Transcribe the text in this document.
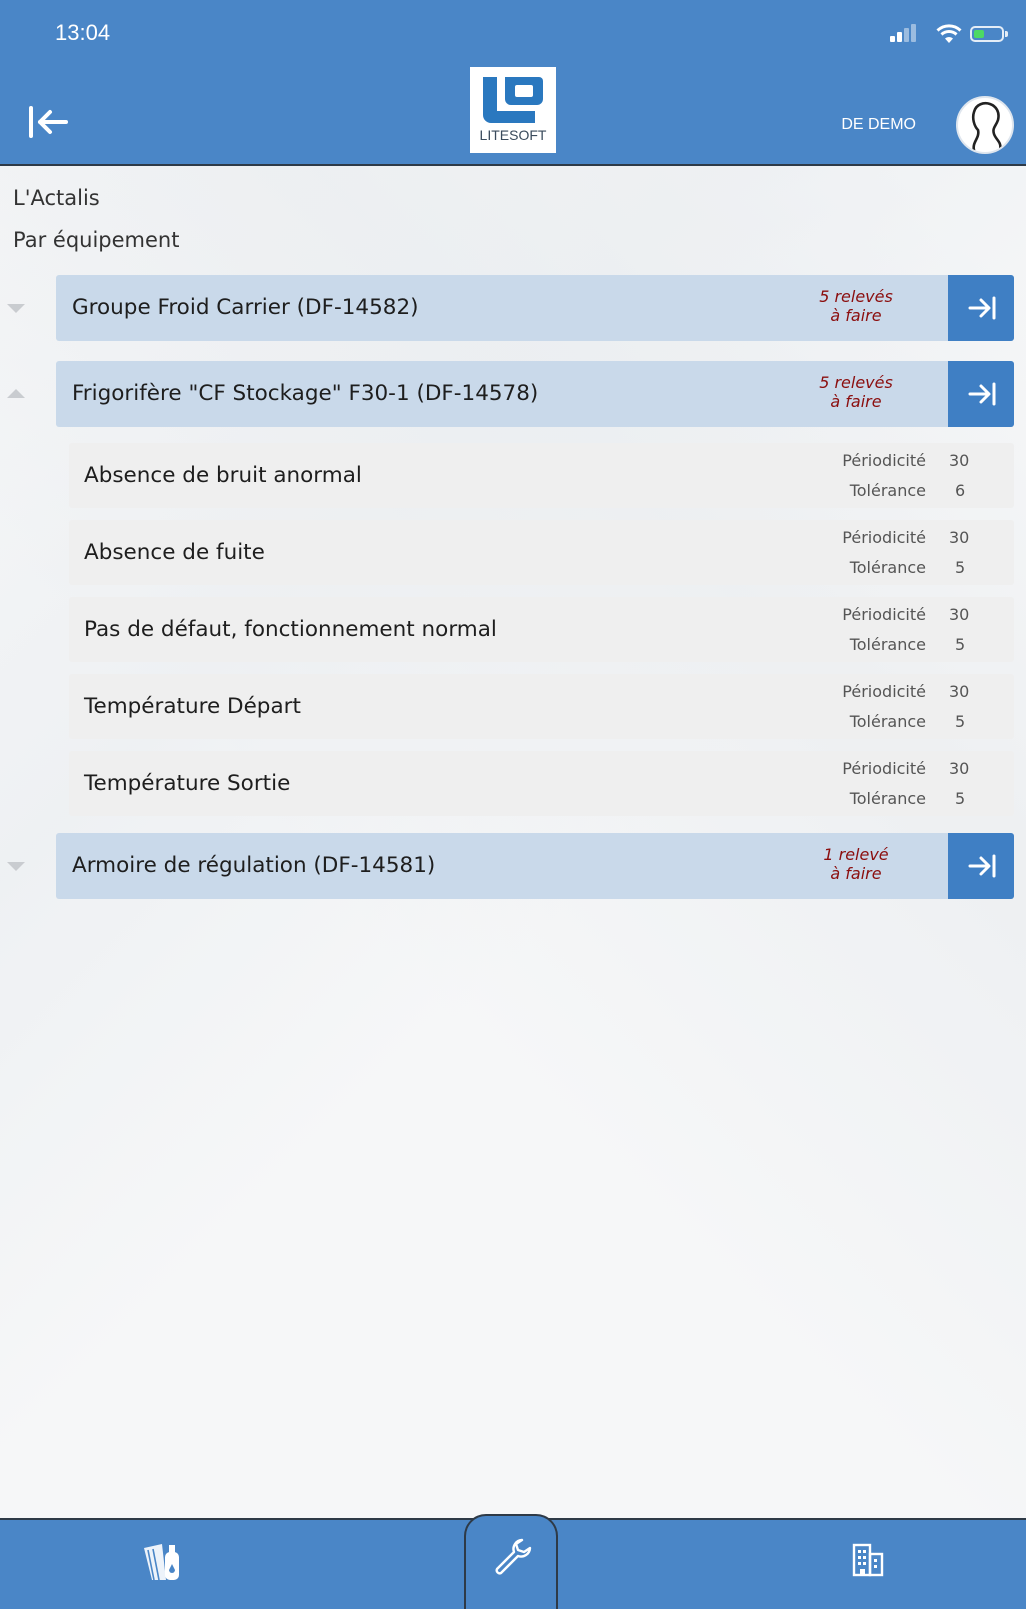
13:04
LITESOFT
DE DEMO
L'Actalis
Par équipement
Groupe Froid Carrier (DF-14582)	5 relevés
à faire
Frigorifère "CF Stockage" F30-1 (DF-14578)	5 relevés
à faire
Absence de bruit anormal
Périodicité 30
Tolérance 6
Absence de fuite
Périodicité 30
Tolérance 5
Pas de défaut, fonctionnement normal
Périodicité 30
Tolérance 5
Température Départ
Périodicité 30
Tolérance 5
Température Sortie
Périodicité 30
Tolérance 5
Armoire de régulation (DF-14581)	1 relevé
à faire
